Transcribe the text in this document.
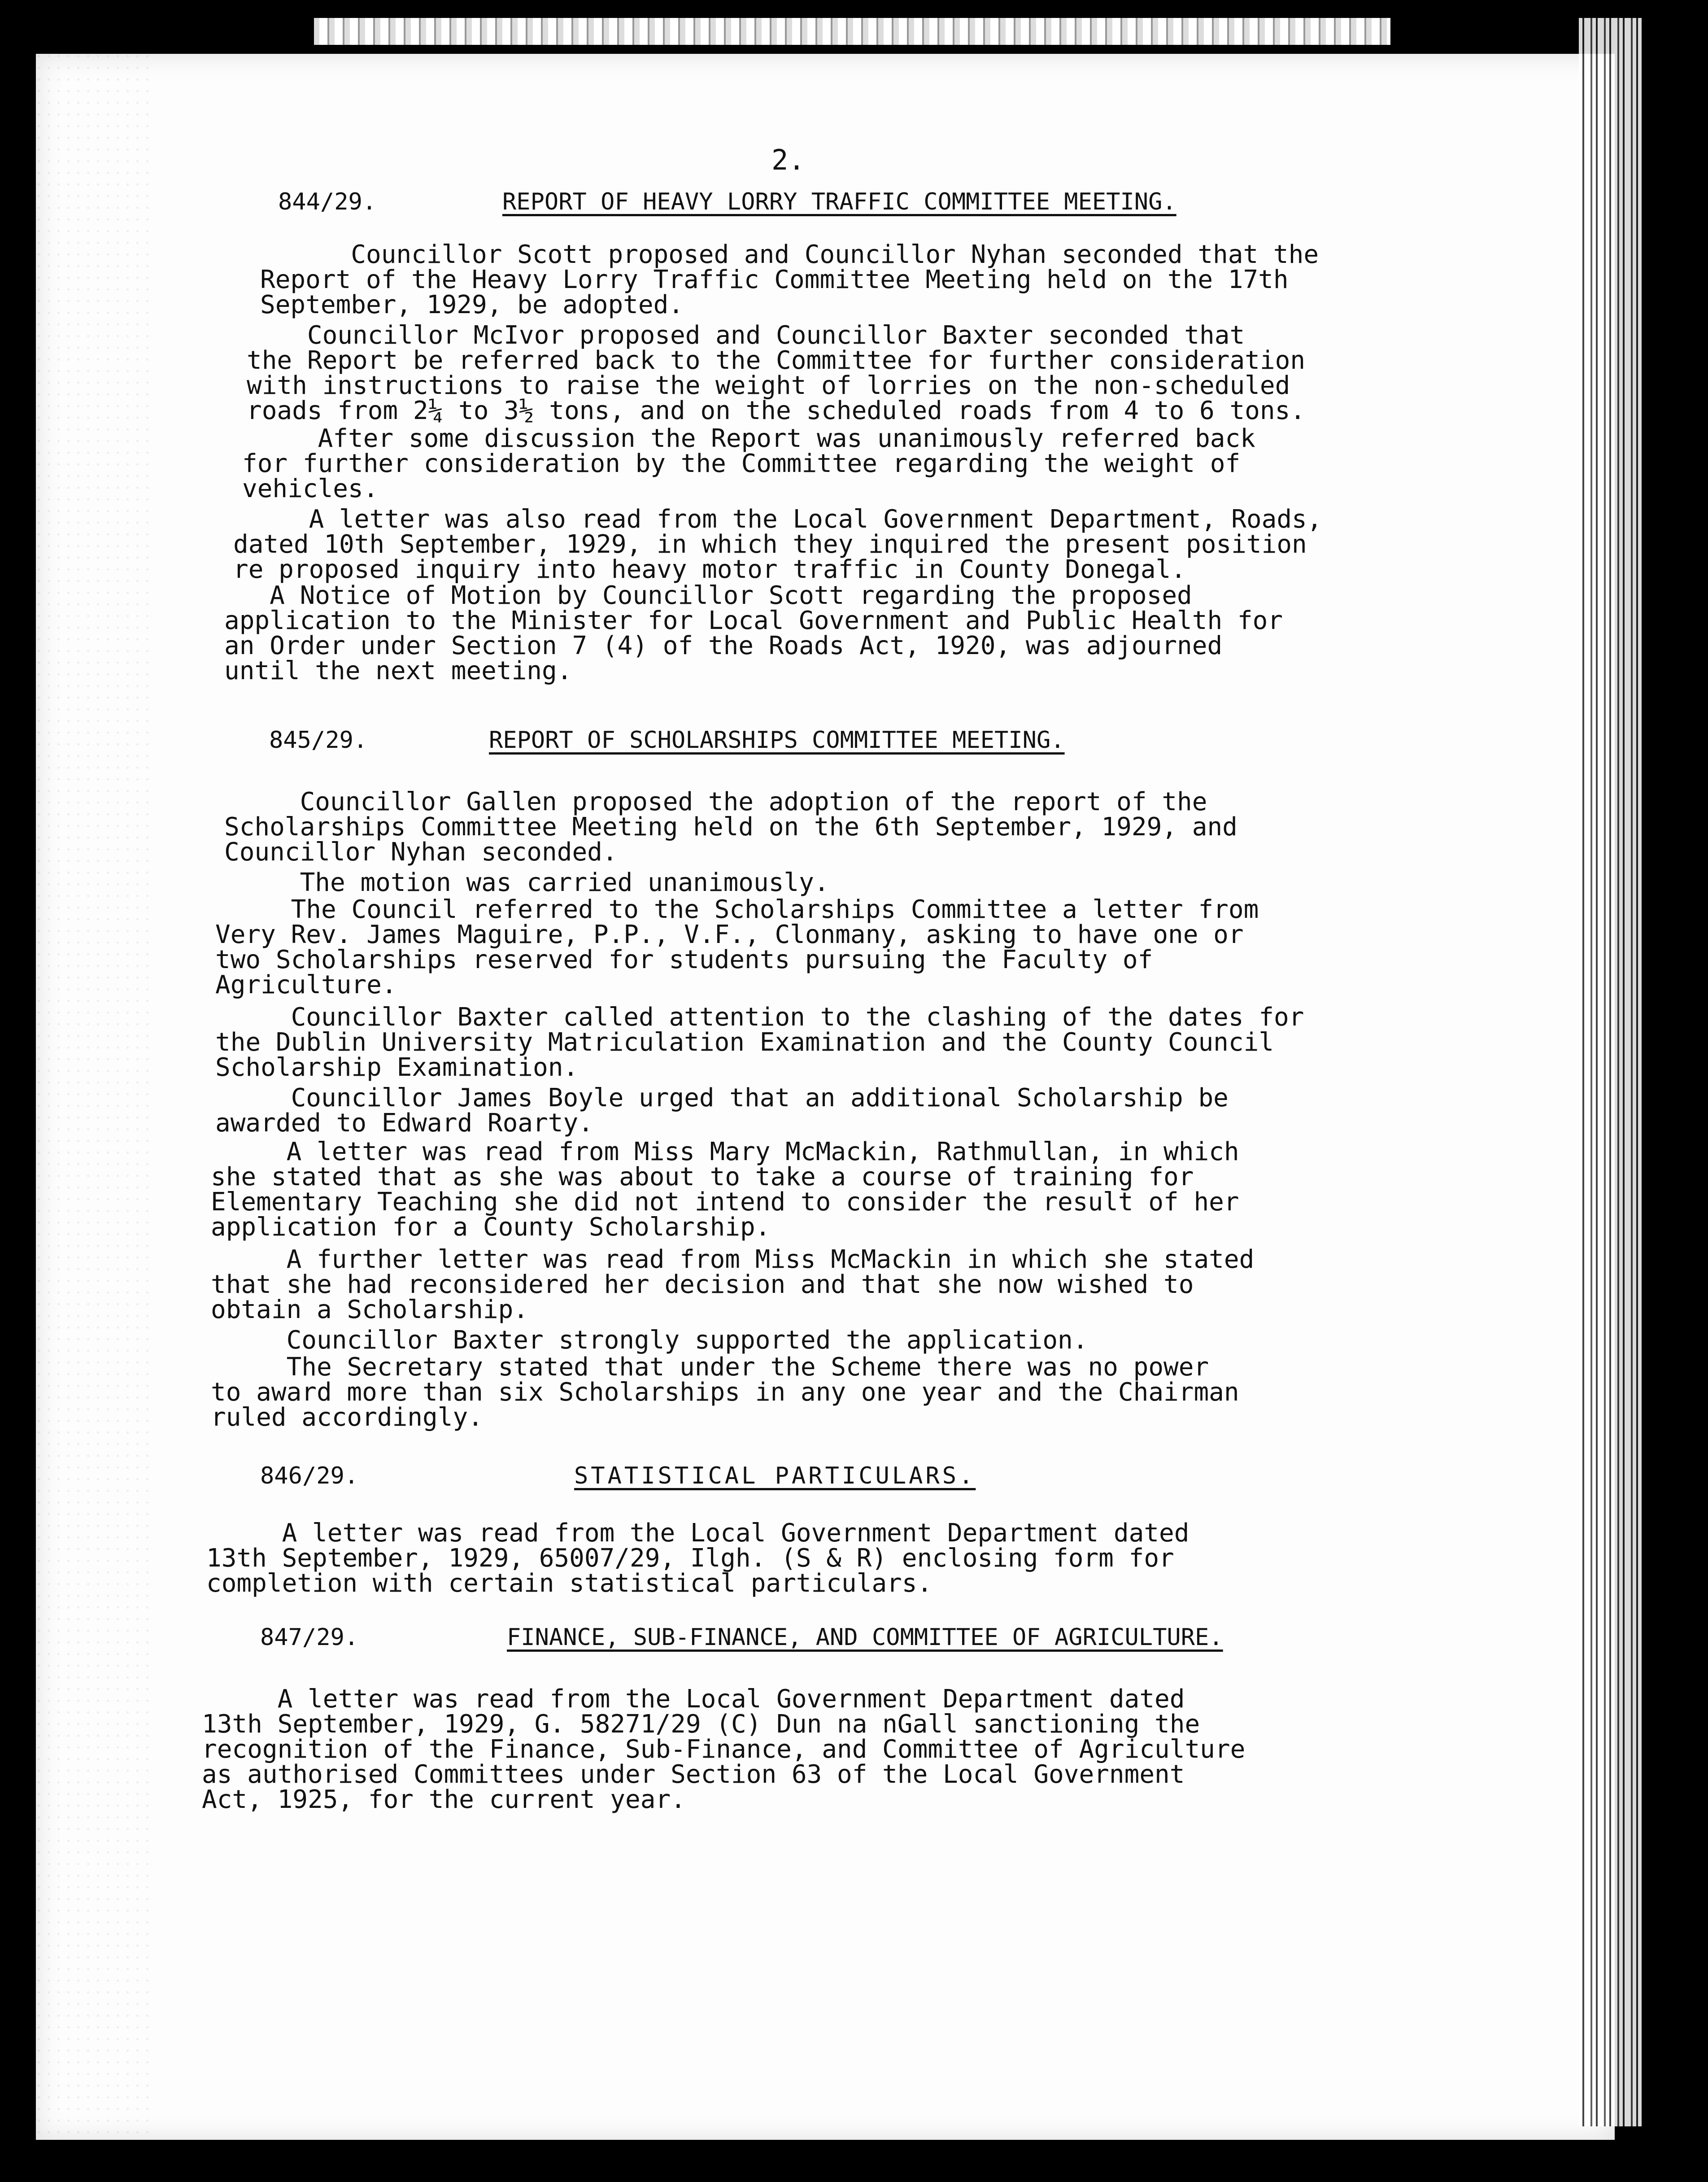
2.
844/29.	REPORT OF HEAVY LORRY TRAFFIC COMMITTEE MEETING.

Councillor Scott proposed and Councillor Nyhan seconded that the
Report of the Heavy Lorry Traffic Committee Meeting held on the 17th
September, 1929, be adopted.

Councillor McIvor proposed and Councillor Baxter seconded that
the Report be referred back to the Committee for further consideration
with instructions to raise the weight of lorries on the non-scheduled
roads from 2¼ to 3½ tons, and on the scheduled roads from 4 to 6 tons.

After some discussion the Report was unanimously referred back
for further consideration by the Committee regarding the weight of
vehicles.

A letter was also read from the Local Government Department, Roads,
dated 10th September, 1929, in which they inquired the present position
re proposed inquiry into heavy motor traffic in County Donegal.

A Notice of Motion by Councillor Scott regarding the proposed
application to the Minister for Local Government and Public Health for
an Order under Section 7 (4) of the Roads Act, 1920, was adjourned
until the next meeting.

845/29.	REPORT OF SCHOLARSHIPS COMMITTEE MEETING.

Councillor Gallen proposed the adoption of the report of the
Scholarships Committee Meeting held on the 6th September, 1929, and
Councillor Nyhan seconded.

The motion was carried unanimously.

The Council referred to the Scholarships Committee a letter from
Very Rev. James Maguire, P.P., V.F., Clonmany, asking to have one or
two Scholarships reserved for students pursuing the Faculty of
Agriculture.

Councillor Baxter called attention to the clashing of the dates for
the Dublin University Matriculation Examination and the County Council
Scholarship Examination.

Councillor James Boyle urged that an additional Scholarship be
awarded to Edward Roarty.

A letter was read from Miss Mary McMackin, Rathmullan, in which
she stated that as she was about to take a course of training for
Elementary Teaching she did not intend to consider the result of her
application for a County Scholarship.

A further letter was read from Miss McMackin in which she stated
that she had reconsidered her decision and that she now wished to
obtain a Scholarship.

Councillor Baxter strongly supported the application.

The Secretary stated that under the Scheme there was no power
to award more than six Scholarships in any one year and the Chairman
ruled accordingly.

846/29.	STATISTICAL PARTICULARS.

A letter was read from the Local Government Department dated
13th September, 1929, 65007/29, Ilgh. (S & R) enclosing form for
completion with certain statistical particulars.

847/29.	FINANCE, SUB-FINANCE, AND COMMITTEE OF AGRICULTURE.

A letter was read from the Local Government Department dated
13th September, 1929, G. 58271/29 (C) Dun na nGall sanctioning the
recognition of the Finance, Sub-Finance, and Committee of Agriculture
as authorised Committees under Section 63 of the Local Government
Act, 1925, for the current year.
